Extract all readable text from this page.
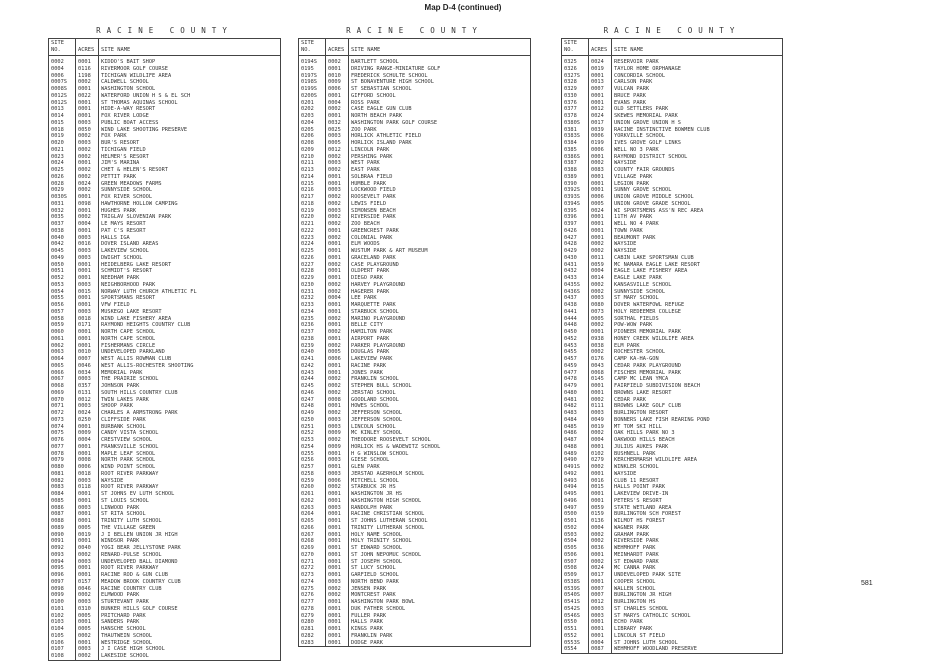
Map D-4 (continued)
RACINE COUNTY
SITE NO.	ACRES	SITE NAME
0002	0001	KIDDO'S BAIT SHOP
0004	0116	RIVERMOOR GOLF COURSE
0006	1198	TICHIGAN WILDLIFE AREA
0007S	0002	CALDWELL SCHOOL
0008S	0001	WASHINGTON SCHOOL
0012S	0022	WATERFORD UNION H S & EL SCH
0012S	0001	ST THOMAS AQUINAS SCHOOL
0013	0001	HIDE-A-WAY RESORT
0014	0001	FOX RIVER LODGE
0015	0003	PUBLIC BOAT ACCESS
0018	0050	WIND LAKE SHOOTING PRESERVE
0019	0002	FOX PARK
0020	0003	BUR'S RESORT
0021	0002	TICHIGAN FIELD
0023	0002	HELMER'S RESORT
0024	0001	JIM'S MARINA
0025	0002	CHET & HELEN'S RESORT
0026	0002	PETTIT PARK
0028	0024	GREEN MEADOWS FARMS
0029	0002	SUNNYSIDE SCHOOL
0030S	0001	FOX RIVER SCHOOL
0031	0098	HAWTHORNE HOLLOW CAMPING
0032	0001	HUGHES PARK
0035	0002	TRIGLAV SLOVENIAN PARK
0037	0004	LE MAYS RESORT
0038	0001	PAT C'S RESORT
0040	0003	HALLS IGA
0042	0016	DOVER ISLAND AREAS
0045	0003	LAKEVIEW SCHOOL
0049	0003	DWIGHT SCHOOL
0050	0001	HEIDELBERG LAKE RESORT
0051	0001	SCHMIDT'S RESORT
0052	0001	NEEDHAM PARK
0053	0003	NEIGHBORHOOD PARK
0054	0015	NORWAY LUTH CHURCH ATHLETIC FL
0055	0001	SPORTSMANS RESORT
0056	0001	VFW FIELD
0057	0003	MUSKEGO LAKE RESORT
0058	0018	WIND LAKE FISHERY AREA
0059	0171	RAYMOND HEIGHTS COUNTRY CLUB
0060	0001	NORTH CAPE SCHOOL
0061	0001	NORTH CAPE SCHOOL
0062	0001	FISHERMANS CIRCLE
0063	0010	UNDEVELOPED PARKLAND
0064	0007	WEST ALLIS ROWMAN CLUB
0065	0046	WEST ALLIS-ROCHESTER SHOOTING
0066	0034	MEMORIAL PARK
0067	0003	THE PRAIRIE SCHOOL
0068	0357	JOHNSON PARK
0069	0131	SOUTH HILLS COUNTRY CLUB
0070	0012	TWIN LAKES PARK
0071	0003	SHOOP PARK
0072	0024	CHARLES A ARMSTRONG PARK
0073	0250	CLIFFSIDE PARK
0074	0001	BURBANK SCHOOL
0075	0009	CANDY VISTA SCHOOL
0076	0004	CRESTVIEW SCHOOL
0077	0001	FRANKSVILLE SCHOOL
0078	0001	MAPLE LEAF SCHOOL
0079	0008	NORTH PARK SCHOOL
0080	0006	WIND POINT SCHOOL
0081	0018	ROOT RIVER PARKWAY
0082	0003	WAYSIDE
0083	0118	ROOT RIVER PARKWAY
0084	0001	ST JOHNS EV LUTH SCHOOL
0085	0001	ST LOUIS SCHOOL
0086	0003	LINWOOD PARK
0087	0001	ST RITA SCHOOL
0088	0001	TRINITY LUTH SCHOOL
0089	0005	THE VILLAGE GREEN
0090	0019	J I BELLEN UNION JR HIGH
0091	0001	WINDSOR PARK
0092	0040	YOGI BEAR JELLYSTONE PARK
0093	0002	RENARD-PULSE SCHOOL
0094	0003	UNDEVELOPED BALL DIAMOND
0095	0001	ROOT RIVER PARKWAY
0096	0001	RACINE ROD & GUN CLUB
0097	0157	MEADOW BROOK COUNTRY CLUB
0098	0046	RACINE COUNTRY CLUB
0099	0002	ELMWOOD PARK
0100	0003	STURTEVANT PARK
0101	0310	BUNKER HILLS GOLF COURSE
0102	0005	PRITCHARD PARK
0103	0001	SANDERS PARK
0104	0005	HANSCHE SCHOOL
0105	0002	THAUTWEIN SCHOOL
0106	0001	WESTRIDGE SCHOOL
0107	0003	J I CASE HIGH SCHOOL
0108	0002	LAKESIDE SCHOOL
RACINE COUNTY
SITE NO.	ACRES	SITE NAME
0194S	0002	BARTLETT SCHOOL
0195	0001	DRIVING RANGE-MINIATURE GOLF
0197S	0010	FREDERICK SCHULTE SCHOOL
0198S	0009	ST BONAVENTURE HIGH SCHOOL
0199S	0006	ST SEBASTIAN SCHOOL
0200S	0001	GIFFORD SCHOOL
0201	0004	ROSS PARK
0202	0002	CASE EAGLE GUN CLUB
0203	0001	NORTH BEACH PARK
0204	0032	WASHINGTON PARK GOLF COURSE
0205	0025	ZOO PARK
0206	0003	HORLICK ATHLETIC FIELD
0208	0005	HORLICK ISLAND PARK
0209	0012	LINCOLN PARK
0210	0002	PERSHING PARK
0211	0003	WEST PARK
0213	0002	EAST PARK
0214	0001	SOLBRAA FIELD
0215	0001	HUMBLE PARK
0216	0003	LOCKWOOD FIELD
0217	0002	ROOSEVELT PARK
0218	0002	LEWIS FIELD
0219	0003	SIMONSEN BEACH
0220	0002	RIVERSIDE PARK
0221	0002	ZOO BEACH
0222	0001	GREENCREST PARK
0223	0002	COLONIAL PARK
0224	0001	ELM WOODS
0225	0001	WUSTUM PARK & ART MUSEUM
0226	0001	GRACELAND PARK
0227	0002	CASE PLAYGROUND
0228	0001	OLDPERT PARK
0229	0001	DIEGO PARK
0230	0002	HARVEY PLAYGROUND
0231	0002	HAGERER PARK
0232	0004	LEE PARK
0233	0001	MARQUETTE PARK
0234	0001	STARBUCK SCHOOL
0235	0002	MARINO PLAYGROUND
0236	0001	BELLE CITY
0237	0002	HAMILTON PARK
0238	0001	AIRPORT PARK
0239	0002	PARKER PLAYGROUND
0240	0005	DOUGLAS PARK
0241	0006	LAKEVIEW PARK
0242	0001	RACINE PARK
0243	0001	JONES PARK
0244	0002	FRANKLIN SCHOOL
0245	0002	STEPHEN BULL SCHOOL
0246	0002	JERSTAD SCHOOL
0247	0008	GOODLAND SCHOOL
0248	0001	HOWES SCHOOL
0249	0002	JEFFERSON SCHOOL
0250	0003	JEFFERSON SCHOOL
0251	0003	LINCOLN SCHOOL
0252	0009	MC KINLEY SCHOOL
0253	0002	THEODORE ROOSEVELT SCHOOL
0254	0009	HORLICK HS & WADEWITZ SCHOOL
0255	0001	H G WINSLOW SCHOOL
0256	0003	GIESE SCHOOL
0257	0001	GLEN PARK
0258	0003	JERSTAD AGERHOLM SCHOOL
0259	0006	MITCHELL SCHOOL
0260	0002	STARBUCK JR HS
0261	0001	WASHINGTON JR HS
0262	0001	WASHINGTON HIGH SCHOOL
0263	0003	RANDOLPH PARK
0264	0001	RACINE CHRISTIAN SCHOOL
0265	0001	ST JOHNS LUTHERAN SCHOOL
0266	0001	TRINITY LUTHERAN SCHOOL
0267	0001	HOLY NAME SCHOOL
0268	0001	HOLY TRINITY SCHOOL
0269	0001	ST EDWARD SCHOOL
0270	0001	ST JOHN NEPOMUC SCHOOL
0271	0001	ST JOSEPH SCHOOL
0272	0001	ST LUCY SCHOOL
0273	0001	GARFIELD SCHOOL
0274	0003	NORTH BEND PARK
0275	0002	JENSEN PARK
0276	0002	MONTCREST PARK
0277	0001	WASHINGTON PARK BOWL
0278	0001	DUK FATHER SCHOOL
0279	0001	FULLER PARK
0280	0001	HALLS PARK
0281	0001	KINGS PARK
0282	0001	FRANKLIN PARK
0283	0001	DODGE PARK
RACINE COUNTY
SITE NO.	ACRES	SITE NAME
0325	0024	RESERVOIR PARK
0326	0019	TAYLOR HOME ORPHANAGE
0327S	0001	CONCORDIA SCHOOL
0328	0013	CARLSON PARK
0329	0007	VULCAN PARK
0330	0001	BRUCE PARK
0376	0001	EVANS PARK
0377	0012	OLD SETTLERS PARK
0378	0024	SKEWES MEMORIAL PARK
0380S	0017	UNION GROVE UNION H S
0381	0039	RACINE INSTINCTIVE BOWMEN CLUB
0383S	0006	YORKVILLE SCHOOL
0384	0199	IVES GROVE GOLF LINKS
0385	0006	WELL NO 3 PARK
0386S	0001	RAYMOND DISTRICT SCHOOL
0387	0002	WAYSIDE
0388	0083	COUNTY FAIR GROUNDS
0389	0001	VILLAGE PARK
0390	0001	LEGION PARK
0392S	0001	SUNNY GROVE SCHOOL
0393S	0006	UNION GROVE MIDDLE SCHOOL
0394S	0005	UNION GROVE GRADE SCHOOL
0395	0024	WI SPORTSMENS ASS'N REC AREA
0396	0001	11TH AV PARK
0397	0001	WELL NO 4 PARK
0426	0001	TOWN PARK
0427	0001	BEAUMONT PARK
0428	0002	WAYSIDE
0429	0002	WAYSIDE
0430	0011	CABIN LAKE SPORTSMAN CLUB
0431	0059	MC NAMARA EAGLE LAKE RESORT
0432	0004	EAGLE LAKE FISHERY AREA
0433	0014	EAGLE LAKE PARK
0435S	0002	KANSASVILLE SCHOOL
0436S	0002	SUNNYSIDE SCHOOL
0437	0003	ST MARY SCHOOL
0438	0080	DOVER WATERFOWL REFUGE
0441	0073	HOLY REDEEMER COLLEGE
0444	0005	SORTHAL FIELDS
0448	0002	POW-WOW PARK
0450	0001	PIONEER MEMORIAL PARK
0452	0938	HONEY CREEK WILDLIFE AREA
0453	0038	ELM PARK
0455	0002	ROCHESTER SCHOOL
0457	0176	CAMP KA-HA-GON
0459	0043	CEDAR PARK PLAYGROUND
0477	0068	FISCHER MEMORIAL PARK
0478	0145	CAMP MC LEAN YMCA
0479	0001	FAIRFIELD SUBDIVISION BEACH
0480	0001	BROWNS LAKE RESORT
0481	0002	CEDAR PARK
0482	0111	BROWNS LAKE GOLF CLUB
0483	0003	BURLINGTON RESORT
0484	0049	BONNERS LAKE FISH REARING POND
0485	0019	MT TOM SKI HILL
0486	0002	OAK HILLS PARK NO 3
0487	0004	OAKWOOD HILLS BEACH
0488	0001	JULIUS AUKES PARK
0489	0102	BUSHNELL PARK
0490	0279	KERCHERMARSH WILDLIFE AREA
0491S	0002	WINKLER SCHOOL
0492	0001	WAYSIDE
0493	0016	CLUB 11 RESORT
0494	0015	HALLS POINT PARK
0495	0001	LAKEVIEW DRIVE-IN
0496	0001	PETERS'S RESORT
0497	0059	STATE WETLAND AREA
0500	0159	BURLINGTON SCH FOREST
0501	0136	WILMOT HS FOREST
0502	0004	WAGNER PARK
0503	0002	GRAHAM PARK
0504	0002	RIVERSIDE PARK
0505	0036	WEHMHOFF PARK
0506	0001	MEINHARDT PARK
0507	0002	ST EDWARD PARK
0508	0024	MC CANNA PARK
0509	0017	UNDEVELOPED PARK SITE
0538S	0001	COOPER SCHOOL
0539S	0007	WALLEN SCHOOL
0540S	0007	BURLINGTON JR HIGH
0541S	0012	BURLINGTON HS
0542S	0003	ST CHARLES SCHOOL
0546S	0003	ST MARYS CATHOLIC SCHOOL
0550	0001	ECHO PARK
0551	0001	LIBRARY PARK
0552	0001	LINCOLN ST FIELD
0553S	0004	ST JOHNS LUTH SCHOOL
0554	0087	WEHMHOFF WOODLAND PRESERVE
581
